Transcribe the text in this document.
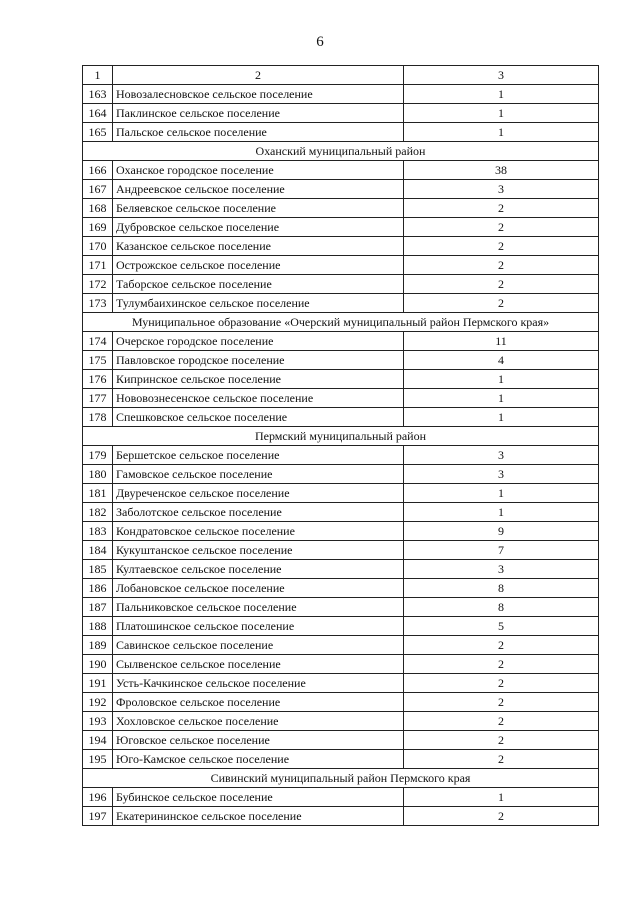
6
1	2	3
163	Новозалесновское сельское поселение	1
164	Паклинское сельское поселение	1
165	Пальское сельское поселение	1
Оханский муниципальный район		
166	Оханское городское поселение	38
167	Андреевское сельское поселение	3
168	Беляевское сельское поселение	2
169	Дубровское сельское поселение	2
170	Казанское сельское поселение	2
171	Острожское сельское поселение	2
172	Таборское сельское поселение	2
173	Тулумбаихинское сельское поселение	2
Муниципальное образование «Очерский муниципальный район Пермского края»		
174	Очерское городское поселение	11
175	Павловское городское поселение	4
176	Кипринское сельское поселение	1
177	Нововознесенское сельское поселение	1
178	Спешковское сельское поселение	1
Пермский муниципальный район		
179	Бершетское сельское поселение	3
180	Гамовское сельское поселение	3
181	Двуреченское сельское поселение	1
182	Заболотское сельское поселение	1
183	Кондратовское сельское поселение	9
184	Кукуштанское сельское поселение	7
185	Култаевское сельское поселение	3
186	Лобановское сельское поселение	8
187	Пальниковское сельское поселение	8
188	Платошинское сельское поселение	5
189	Савинское сельское поселение	2
190	Сылвенское сельское поселение	2
191	Усть-Качкинское сельское поселение	2
192	Фроловское сельское поселение	2
193	Хохловское сельское поселение	2
194	Юговское сельское поселение	2
195	Юго-Камское сельское поселение	2
Сивинский муниципальный район Пермского края		
196	Бубинское сельское поселение	1
197	Екатерининское сельское поселение	2
